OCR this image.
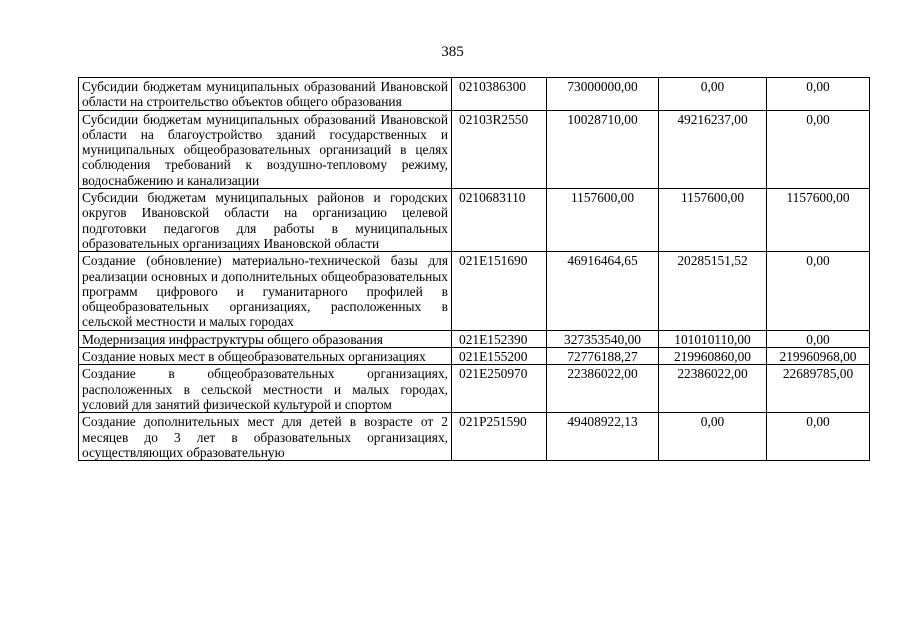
385
Субсидии бюджетам муниципальных образований Ивановской области на строительство объектов общего образования	0210386300	73000000,00	0,00	0,00
Субсидии бюджетам муниципальных образований Ивановской области на благоустройство зданий государственных и муниципальных общеобразовательных организаций в целях соблюдения требований к воздушно-тепловому режиму, водоснабжению и канализации	02103R2550	10028710,00	49216237,00	0,00
Субсидии бюджетам муниципальных районов и городских округов Ивановской области на организацию целевой подготовки педагогов для работы в муниципальных образовательных организациях Ивановской области	0210683110	1157600,00	1157600,00	1157600,00
Создание (обновление) материально-технической базы для реализации основных и дополнительных общеобразовательных программ цифрового и гуманитарного профилей в общеобразовательных организациях, расположенных в сельской местности и малых городах	021E151690	46916464,65	20285151,52	0,00
Модернизация инфраструктуры общего образования	021E152390	327353540,00	101010110,00	0,00
Создание новых мест в общеобразовательных организациях	021E155200	72776188,27	219960860,00	219960968,00
Создание в общеобразовательных организациях, расположенных в сельской местности и малых городах, условий для занятий физической культурой и спортом	021E250970	22386022,00	22386022,00	22689785,00
Создание дополнительных мест для детей в возрасте от 2 месяцев до 3 лет в образовательных организациях, осуществляющих образовательную	021P251590	49408922,13	0,00	0,00
